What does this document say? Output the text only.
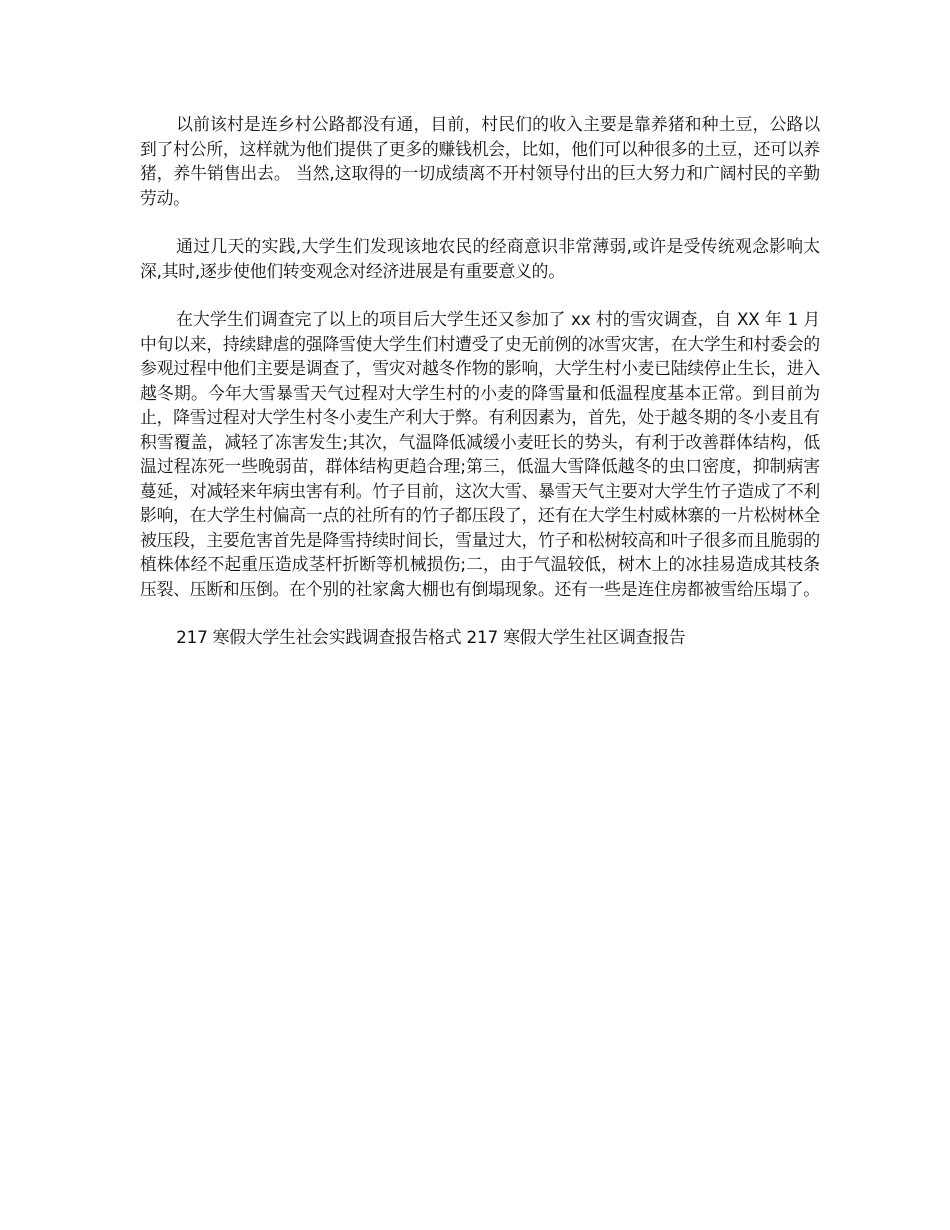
以前该村是连乡村公路都没有通，目前，村民们的收入主要是靠养猪和种土豆，公路以到了村公所，这样就为他们提供了更多的赚钱机会，比如，他们可以种很多的土豆，还可以养猪，养牛销售出去。 当然,这取得的一切成绩离不开村领导付出的巨大努力和广阔村民的辛勤劳动。

通过几天的实践,大学生们发现该地农民的经商意识非常薄弱,或许是受传统观念影响太深,其时,逐步使他们转变观念对经济进展是有重要意义的。

在大学生们调查完了以上的项目后大学生还又参加了 xx 村的雪灾调查，自 XX 年 1 月中旬以来，持续肆虐的强降雪使大学生们村遭受了史无前例的冰雪灾害，在大学生和村委会的参观过程中他们主要是调查了，雪灾对越冬作物的影响，大学生村小麦已陆续停止生长，进入越冬期。今年大雪暴雪天气过程对大学生村的小麦的降雪量和低温程度基本正常。到目前为止，降雪过程对大学生村冬小麦生产利大于弊。有利因素为，首先，处于越冬期的冬小麦且有积雪覆盖，减轻了冻害发生;其次，气温降低减缓小麦旺长的势头，有利于改善群体结构，低温过程冻死一些晚弱苗，群体结构更趋合理;第三，低温大雪降低越冬的虫口密度，抑制病害蔓延，对减轻来年病虫害有利。竹子目前，这次大雪、暴雪天气主要对大学生竹子造成了不利影响，在大学生村偏高一点的社所有的竹子都压段了，还有在大学生村威林寨的一片松树林全被压段，主要危害首先是降雪持续时间长，雪量过大，竹子和松树较高和叶子很多而且脆弱的植株体经不起重压造成茎杆折断等机械损伤;二，由于气温较低，树木上的冰挂易造成其枝条压裂、压断和压倒。在个别的社家禽大棚也有倒塌现象。还有一些是连住房都被雪给压塌了。

217 寒假大学生社会实践调查报告格式 217 寒假大学生社区调查报告
